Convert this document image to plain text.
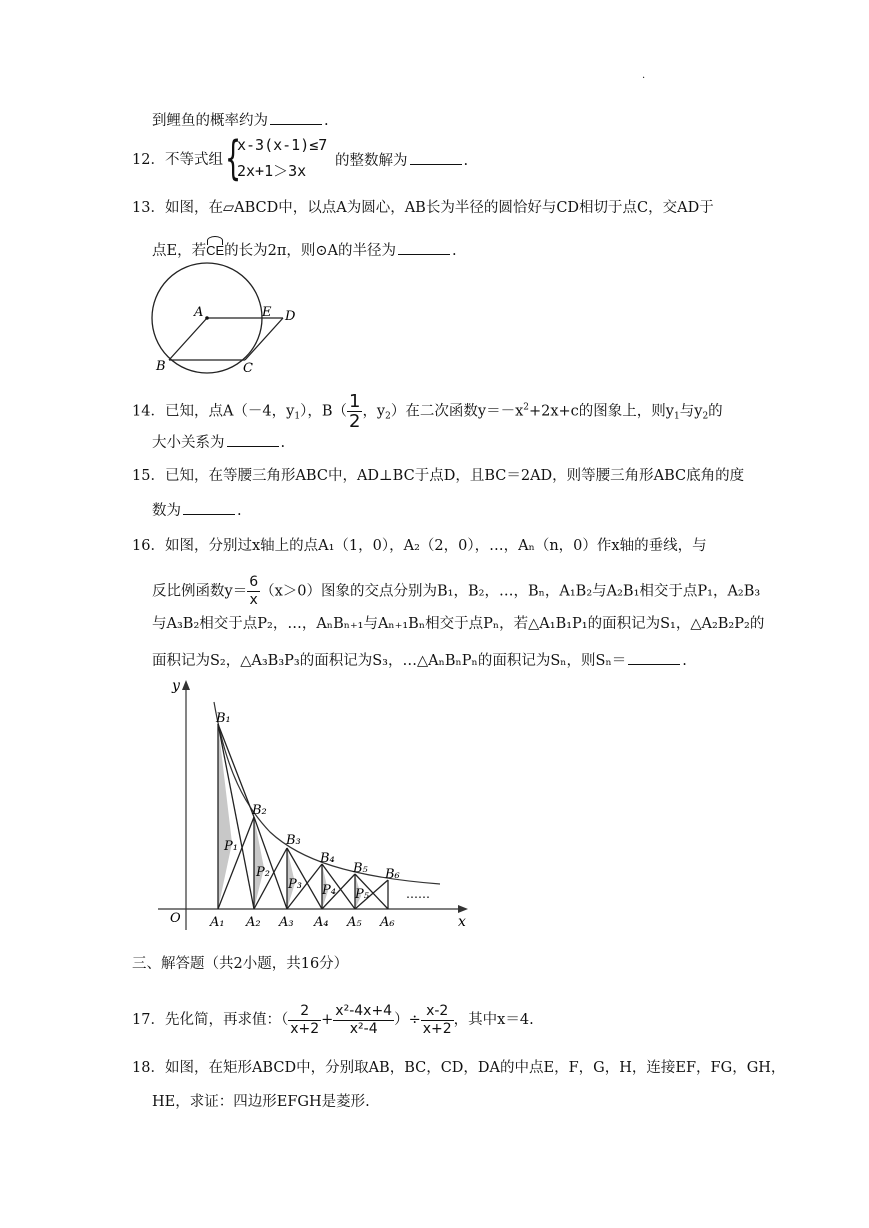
.
到鲤鱼的概率约为	.
12．不等式组 {
x-3(x-1)≤7
2x+1＞3x
的整数解为	.
13．如图，在▱ABCD中，以点A为圆心，AB长为半径的圆恰好与CD相切于点C，交AD于
点E，若CE的长为2π，则⊙A的半径为	.
A	E D
B	C
14．已知，点A（－4，$y_1$），$B( \frac{1}{2}$ ，$y_2$）在二次函数$y=-x^2+2x+c$的图象上，则$y_1$与$y_2$的
大小关系为	.
15．已知，在等腰三角形ABC中，AD⊥BC于点D，且BC＝2AD，则等腰三角形ABC底角的度
数为	.
16．如图，分别过x轴上的点A₁（1，0），A₂（2，0），…，Aₙ（n，0）作x轴的垂线，与
反比例函数$y= \frac{6}{x} (x>0)$图象的交点分别为B₁，B₂，…，Bₙ，A₁B₂与A₂B₁相交于点P₁，A₂B₃
与A₃B₂相交于点P₂，…，AₙBₙ₊₁与Aₙ₊₁Bₙ相交于点Pₙ，若△A₁B₁P₁的面积记为S₁，△A₂B₂P₂的
面积记为S₂，△A₃B₃P₃的面积记为S₃，…△AₙBₙPₙ的面积记为Sₙ，则Sₙ＝	.
y
x
O
B₁
B₂
B₃
B₄
B₅ B₆
P₁
P₂
P₃ P₄ P₅
A₁ A₂ A₃ A₄ A₅ A₆
……
三、解答题（共2小题，共16分）
17．先化简，再求值：（ $\frac{2}{x+2} + \frac{\text{x²-4x+4}}{\text{x²-4}}$ ）÷ $\frac{x-2}{x+2}$ ，其中x＝4.
18．如图，在矩形ABCD中，分别取AB，BC，CD，DA的中点E，F，G，H，连接EF，FG，GH，
HE，求证：四边形EFGH是菱形.
